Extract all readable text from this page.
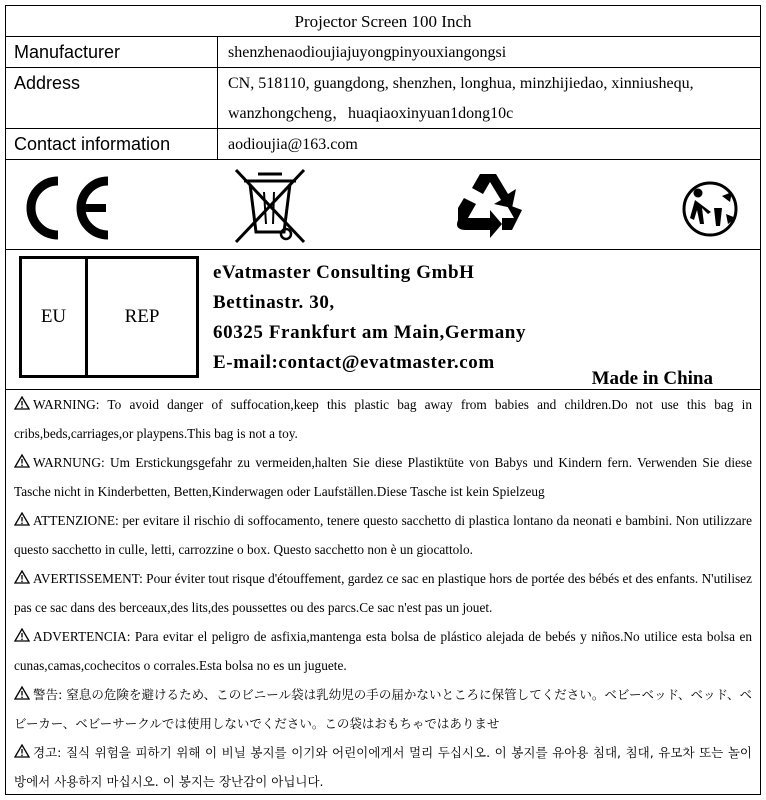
Projector Screen 100 Inch
Manufacturer	shenzhenaodioujiajuyongpinyouxiangongsi
Address	CN, 518110, guangdong, shenzhen, longhua, minzhijiedao, xinniushequ, wanzhongcheng，huaqiaoxinyuan1dong10c
Contact information	aodioujia@163.com
EU	REP
eVatmaster Consulting GmbH
Bettinastr. 30,
60325 Frankfurt am Main,Germany
E-mail:contact@evatmaster.com
Made in China
WARNING: To avoid danger of suffocation,keep this plastic bag away from babies and children.Do not use this bag in cribs,beds,carriages,or playpens.This bag is not a toy.
WARNUNG: Um Erstickungsgefahr zu vermeiden,halten Sie diese Plastiktüte von Babys und Kindern fern. Verwenden Sie diese Tasche nicht in Kinderbetten, Betten,Kinderwagen oder Laufställen.Diese Tasche ist kein Spielzeug
ATTENZIONE: per evitare il rischio di soffocamento, tenere questo sacchetto di plastica lontano da neonati e bambini. Non utilizzare questo sacchetto in culle, letti, carrozzine o box. Questo sacchetto non è un giocattolo.
AVERTISSEMENT: Pour éviter tout risque d'étouffement, gardez ce sac en plastique hors de portée des bébés et des enfants. N'utilisez pas ce sac dans des berceaux,des lits,des poussettes ou des parcs.Ce sac n'est pas un jouet.
ADVERTENCIA: Para evitar el peligro de asfixia,mantenga esta bolsa de plástico alejada de bebés y niños.No utilice esta bolsa en cunas,camas,cochecitos o corrales.Esta bolsa no es un juguete.
警告: 窒息の危険を避けるため、このビニール袋は乳幼児の手の届かないところに保管してください。ベビーベッド、ベッド、ベビーカー、ベビーサークルでは使用しないでください。この袋はおもちゃではありませ
경고: 질식 위험을 피하기 위해 이 비닐 봉지를 이기와 어린이에게서 멀리 두십시오. 이 봉지를 유아용 침대, 침대, 유모차 또는 놀이방에서 사용하지 마십시오. 이 봉지는 장난감이 아닙니다.
